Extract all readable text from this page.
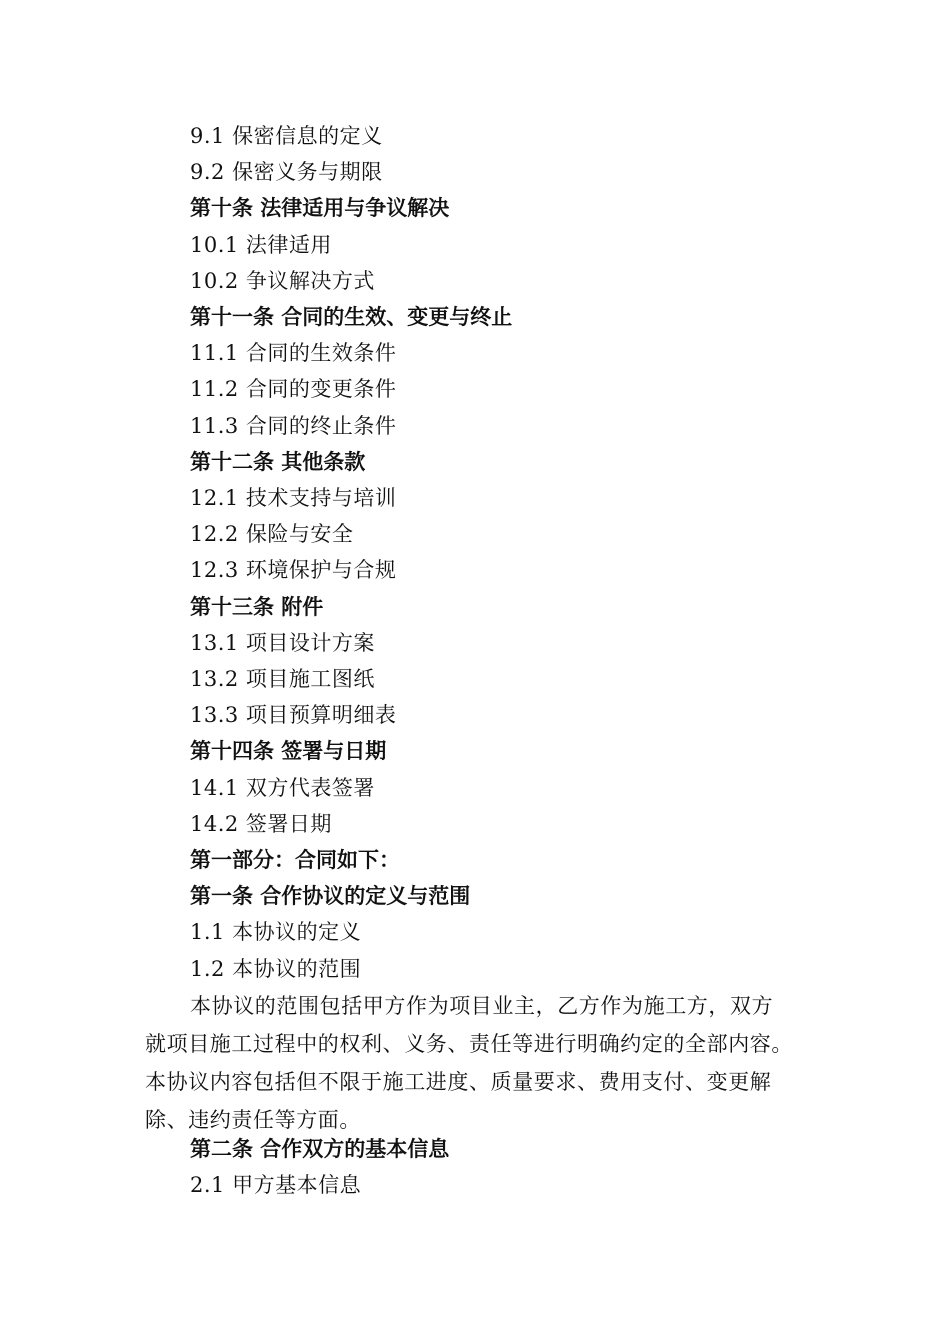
9.1 保密信息的定义
9.2 保密义务与期限
第十条 法律适用与争议解决
10.1 法律适用
10.2 争议解决方式
第十一条 合同的生效、变更与终止
11.1 合同的生效条件
11.2 合同的变更条件
11.3 合同的终止条件
第十二条 其他条款
12.1 技术支持与培训
12.2 保险与安全
12.3 环境保护与合规
第十三条 附件
13.1 项目设计方案
13.2 项目施工图纸
13.3 项目预算明细表
第十四条 签署与日期
14.1 双方代表签署
14.2 签署日期
第一部分：合同如下：
第一条 合作协议的定义与范围
1.1 本协议的定义
1.2 本协议的范围
本协议的范围包括甲方作为项目业主，乙方作为施工方，双方
就项目施工过程中的权利、义务、责任等进行明确约定的全部内容。
本协议内容包括但不限于施工进度、质量要求、费用支付、变更解
除、违约责任等方面。
第二条 合作双方的基本信息
2.1 甲方基本信息
